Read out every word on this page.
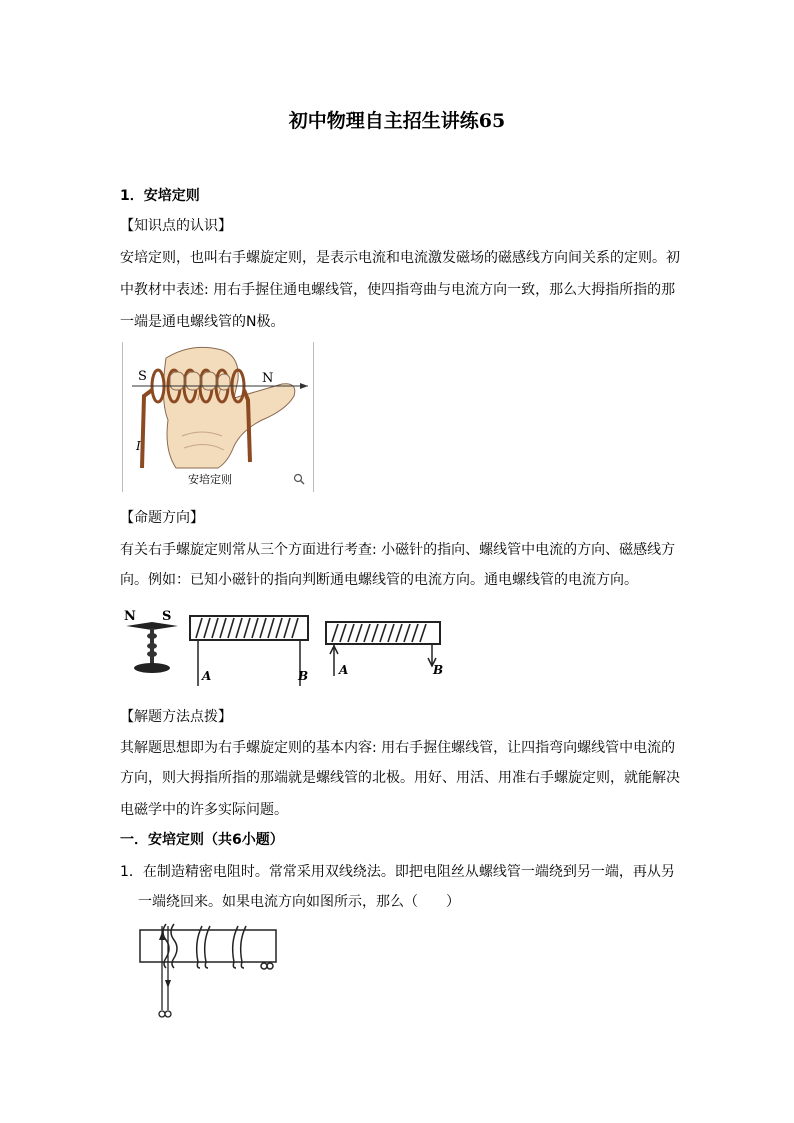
初中物理自主招生讲练65
1．安培定则
【知识点的认识】
安培定则，也叫右手螺旋定则，是表示电流和电流激发磁场的磁感线方向间关系的定则。初
中教材中表述: 用右手握住通电螺线管，使四指弯曲与电流方向一致，那么大拇指所指的那
一端是通电螺线管的N极。
S	N
I
安培定则
【命题方向】
有关右手螺旋定则常从三个方面进行考查: 小磁针的指向、螺线管中电流的方向、磁感线方
向。例如：已知小磁针的指向判断通电螺线管的电流方向。通电螺线管的电流方向。
N S
A	B	A	B
【解题方法点拨】
其解题思想即为右手螺旋定则的基本内容: 用右手握住螺线管，让四指弯向螺线管中电流的
方向，则大拇指所指的那端就是螺线管的北极。用好、用活、用准右手螺旋定则，就能解决
电磁学中的许多实际问题。
一．安培定则（共6小题）
1．在制造精密电阻时。常常采用双线绕法。即把电阻丝从螺线管一端绕到另一端，再从另
一端绕回来。如果电流方向如图所示，那么（　　）
